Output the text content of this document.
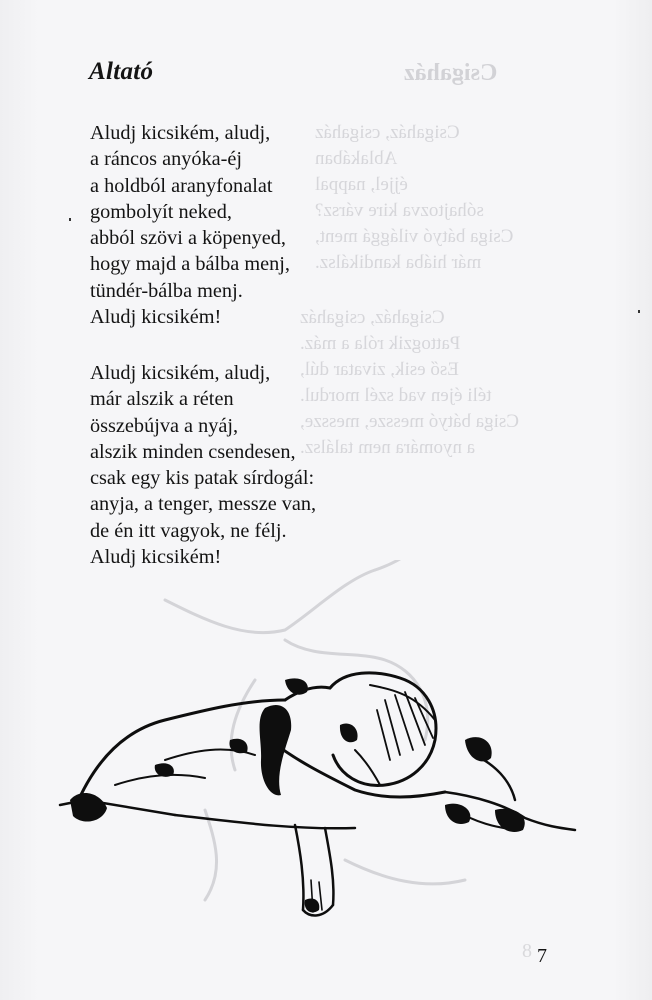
Csigaház
Csigaház, csigaház
Ablakában
éjjel, nappal
sóhajtozva kire vársz?
Csiga bátyó világgá ment,
már hiába kandikálsz.
Csigaház, csigaház
Pattogzik róla a máz.
Eső esik, zivatar dúl,
téli éjen vad szél mordul.
Csiga bátyó messze, messze,
a nyomára nem találsz.

8

Altató
Aludj kicsikém, aludj,
a ráncos anyóka-éj
a holdból aranyfonalat
gombolyít neked,
abból szövi a köpenyed,
hogy majd a bálba menj,
tündér-bálba menj.
Aludj kicsikém!
Aludj kicsikém, aludj,
már alszik a réten
összebújva a nyáj,
alszik minden csendesen,
csak egy kis patak sírdogál:
anyja, a tenger, messze van,
de én itt vagyok, ne félj.
Aludj kicsikém!

7
